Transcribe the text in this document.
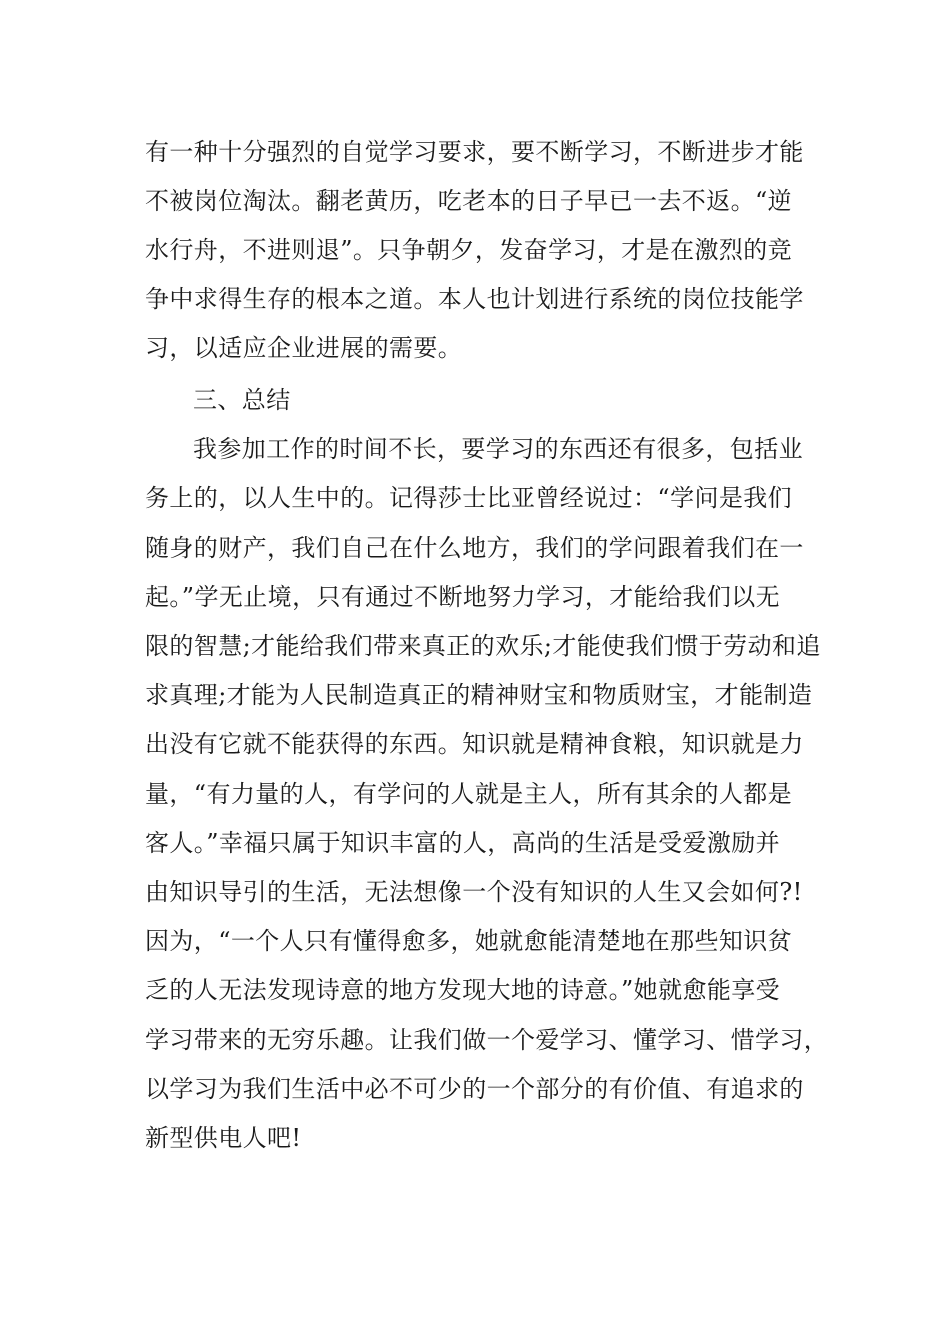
有一种十分强烈的自觉学习要求，要不断学习，不断进步才能
不被岗位淘汰。翻老黄历，吃老本的日子早已一去不返。“逆
水行舟，不进则退”。只争朝夕，发奋学习，才是在激烈的竞
争中求得生存的根本之道。本人也计划进行系统的岗位技能学
习，以适应企业进展的需要。
三、总结
我参加工作的时间不长，要学习的东西还有很多，包括业
务上的，以人生中的。记得莎士比亚曾经说过：“学问是我们
随身的财产，我们自己在什么地方，我们的学问跟着我们在一
起。”学无止境，只有通过不断地努力学习，才能给我们以无
限的智慧;才能给我们带来真正的欢乐;才能使我们惯于劳动和追
求真理;才能为人民制造真正的精神财宝和物质财宝，才能制造
出没有它就不能获得的东西。知识就是精神食粮，知识就是力
量，“有力量的人，有学问的人就是主人，所有其余的人都是
客人。”幸福只属于知识丰富的人，高尚的生活是受爱激励并
由知识导引的生活，无法想像一个没有知识的人生又会如何?!
因为，“一个人只有懂得愈多，她就愈能清楚地在那些知识贫
乏的人无法发现诗意的地方发现大地的诗意。”她就愈能享受
学习带来的无穷乐趣。让我们做一个爱学习、懂学习、惜学习，
以学习为我们生活中必不可少的一个部分的有价值、有追求的
新型供电人吧!
